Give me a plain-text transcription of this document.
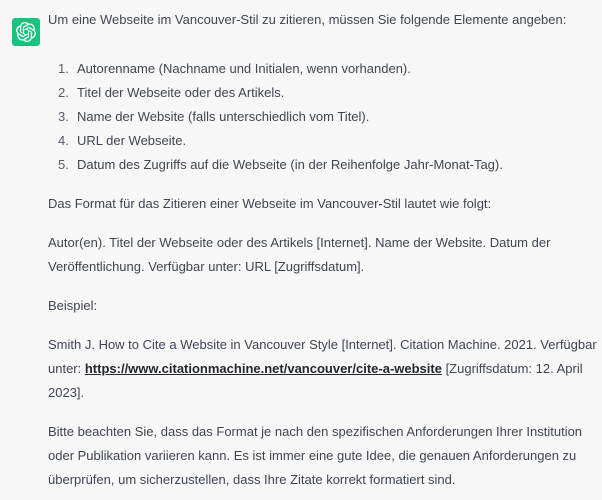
Um eine Webseite im Vancouver-Stil zu zitieren, müssen Sie folgende Elemente angeben:

1. Autorenname (Nachname und Initialen, wenn vorhanden).
2. Titel der Webseite oder des Artikels.
3. Name der Website (falls unterschiedlich vom Titel).
4. URL der Webseite.
5. Datum des Zugriffs auf die Webseite (in der Reihenfolge Jahr-Monat-Tag).

Das Format für das Zitieren einer Webseite im Vancouver-Stil lautet wie folgt:

Autor(en). Titel der Webseite oder des Artikels [Internet]. Name der Website. Datum der Veröffentlichung. Verfügbar unter: URL [Zugriffsdatum].

Beispiel:

Smith J. How to Cite a Website in Vancouver Style [Internet]. Citation Machine. 2021. Verfügbar unter: https://www.citationmachine.net/vancouver/cite-a-website [Zugriffsdatum: 12. April 2023].

Bitte beachten Sie, dass das Format je nach den spezifischen Anforderungen Ihrer Institution oder Publikation variieren kann. Es ist immer eine gute Idee, die genauen Anforderungen zu überprüfen, um sicherzustellen, dass Ihre Zitate korrekt formatiert sind.
